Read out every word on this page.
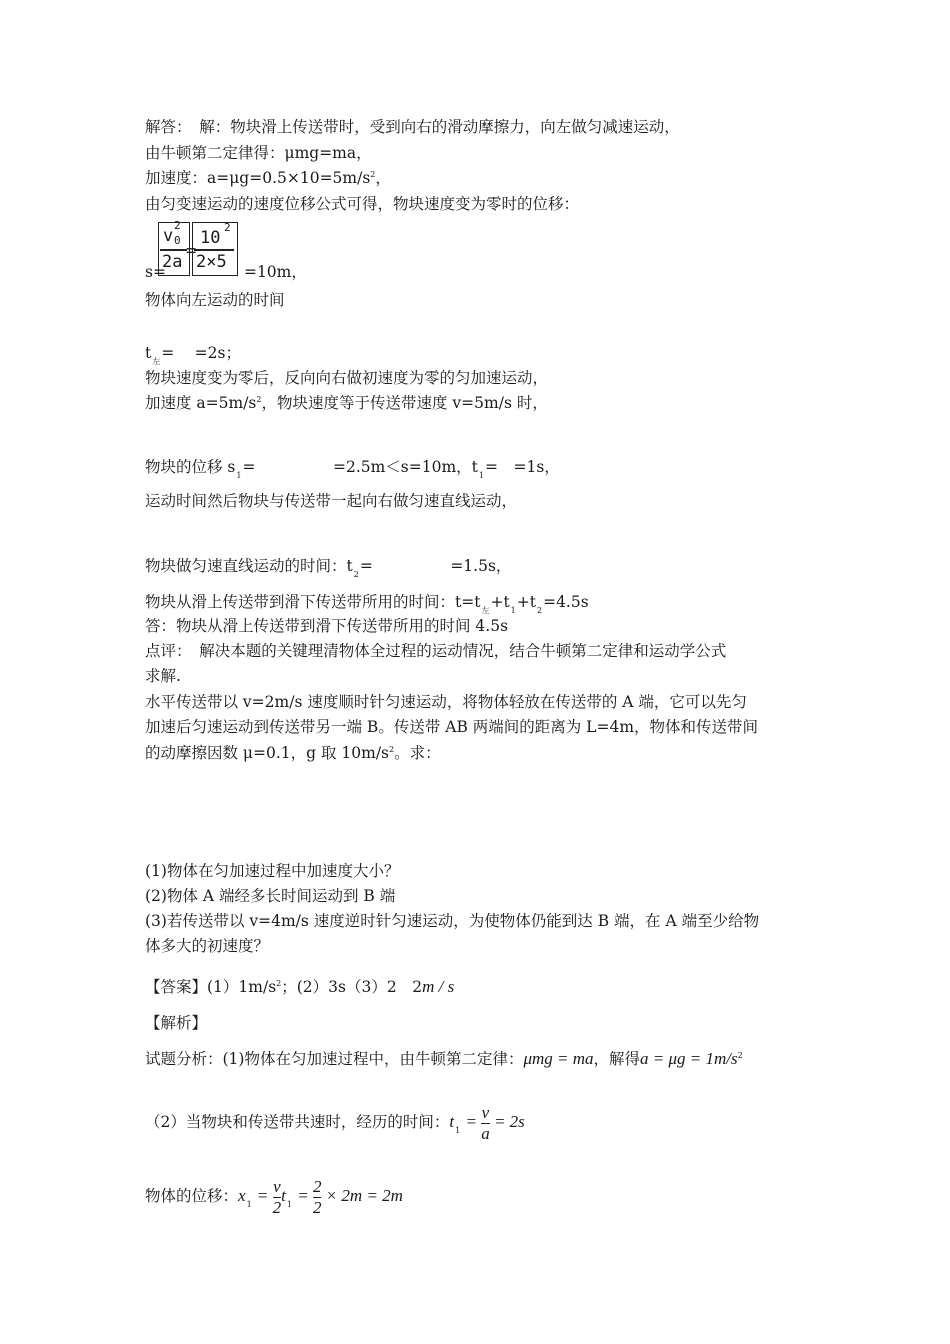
解答：　解：物块滑上传送带时，受到向右的滑动摩擦力，向左做匀减速运动，
由牛顿第二定律得：μmg=ma，
加速度：$a=\mu g=0.5\times 10=5m/s^2$，
由匀变速运动的速度位移公式可得，物块速度变为零时的位移：
v
2
0
2a
=
10
2
2×5
s=	=10m，
物体向左运动的时间
$t_左=$　 =2s；
物块速度变为零后，反向向右做初速度为零的匀加速运动，
加速度 $a=5m/s^2$，物块速度等于传送带速度 v=5m/s 时，
物块的位移 $s_1=$　　　　　=2.5m＜s=10m，$t_1=$　=1s，
运动时间然后物块与传送带一起向右做匀速直线运动，
物块做匀速直线运动的时间：$t_2=$　　　　　=1.5s，
物块从滑上传送带到滑下传送带所用的时间：$t=t_左+t_1+t_2=4.5s$
答：物块从滑上传送带到滑下传送带所用的时间 4.5s
点评：　解决本题的关键理清物体全过程的运动情况，结合牛顿第二定律和运动学公式
求解.
水平传送带以 v=2m/s 速度顺时针匀速运动，将物体轻放在传送带的 A 端，它可以先匀
加速后匀速运动到传送带另一端 B。传送带 AB 两端间的距离为 L=4m，物体和传送带间
的动摩擦因数 μ=0.1，g 取 $10m/s^2$。求：
(1)物体在匀加速过程中加速度大小？
(2)物体 A 端经多长时间运动到 B 端
(3)若传送带以 v=4m/s 速度逆时针匀速运动，为使物体仍能到达 B 端，在 A 端至少给物
体多大的初速度？
【答案】$(1)1m/s^2$；(2）3s（3）2　2m / s
【解析】
试题分析：(1)物体在匀加速过程中，由牛顿第二定律：μmg = ma，解得$a = \mu g = 1m/s^2$
（2）当物块和传送带共速时，经历的时间：$t_1 = \frac{v}{a} = 2s$
物体的位移：$x_1 = \frac{v}{2} t_1 = \frac{2}{2} \times 2m = 2m$
